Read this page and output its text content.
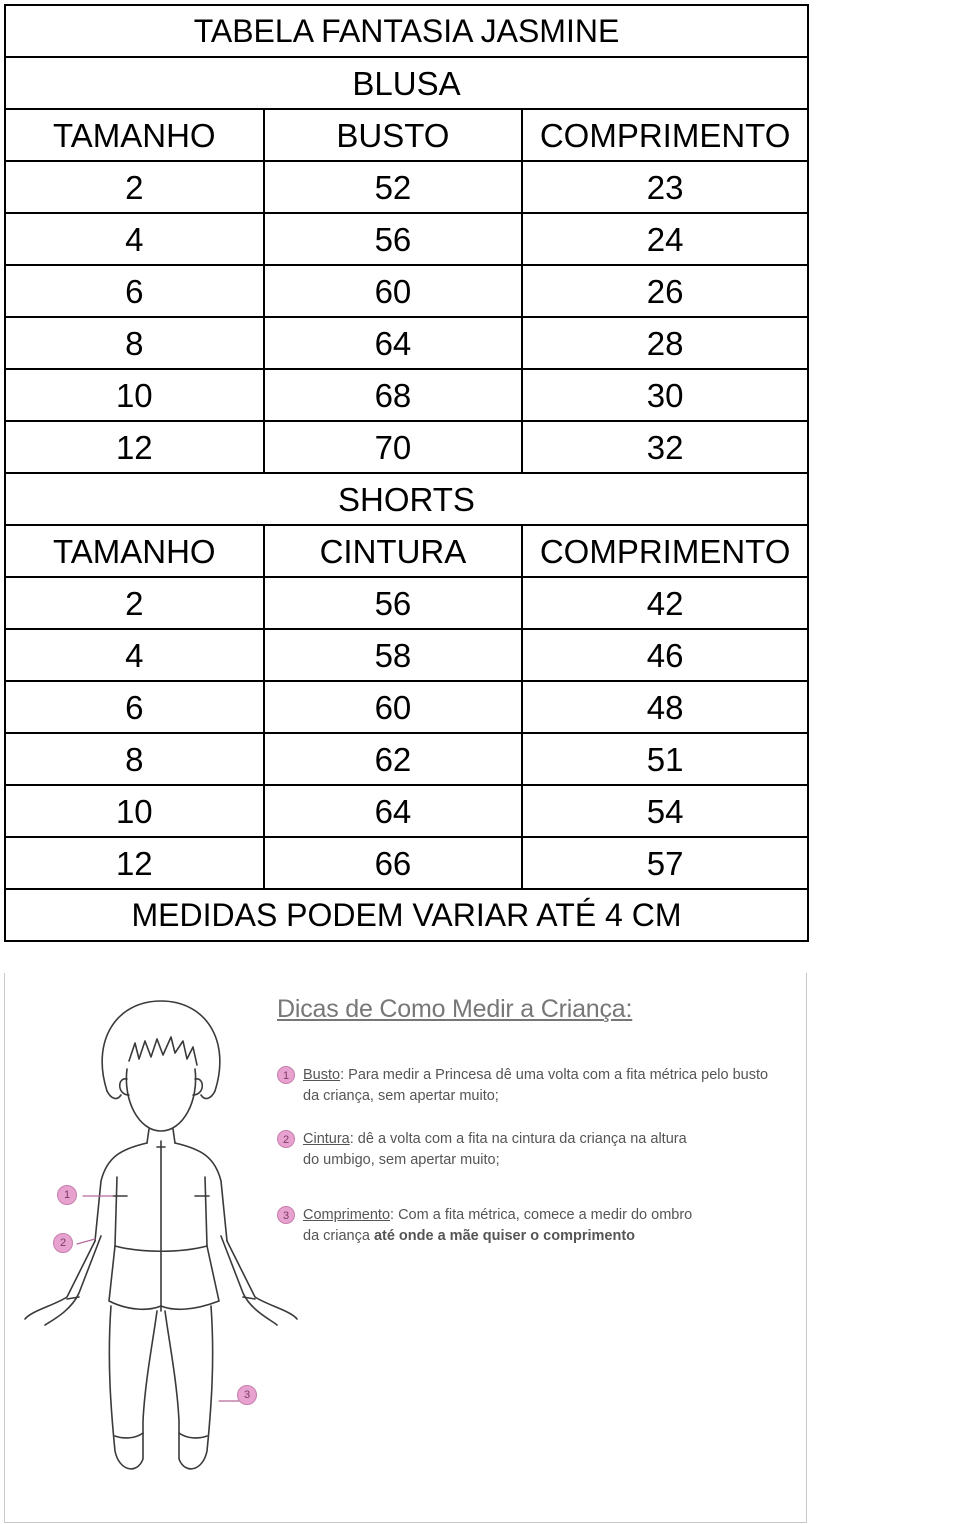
TABELA FANTASIA JASMINE		
BLUSA		
TAMANHO	BUSTO	COMPRIMENTO
2	52	23
4	56	24
6	60	26
8	64	28
10	68	30
12	70	32
SHORTS		
TAMANHO	CINTURA	COMPRIMENTO
2	56	42
4	58	46
6	60	48
8	62	51
10	64	54
12	66	57
MEDIDAS PODEM VARIAR ATÉ 4 CM		
1
2
3
Dicas de Como Medir a Criança:
1 Busto: Para medir a Princesa dê uma volta com a fita métrica pelo busto
da criança, sem apertar muito;
2 Cintura: dê a volta com a fita na cintura da criança na altura
do umbigo, sem apertar muito;
3 Comprimento: Com a fita métrica, comece a medir do ombro
da criança até onde a mãe quiser o comprimento
